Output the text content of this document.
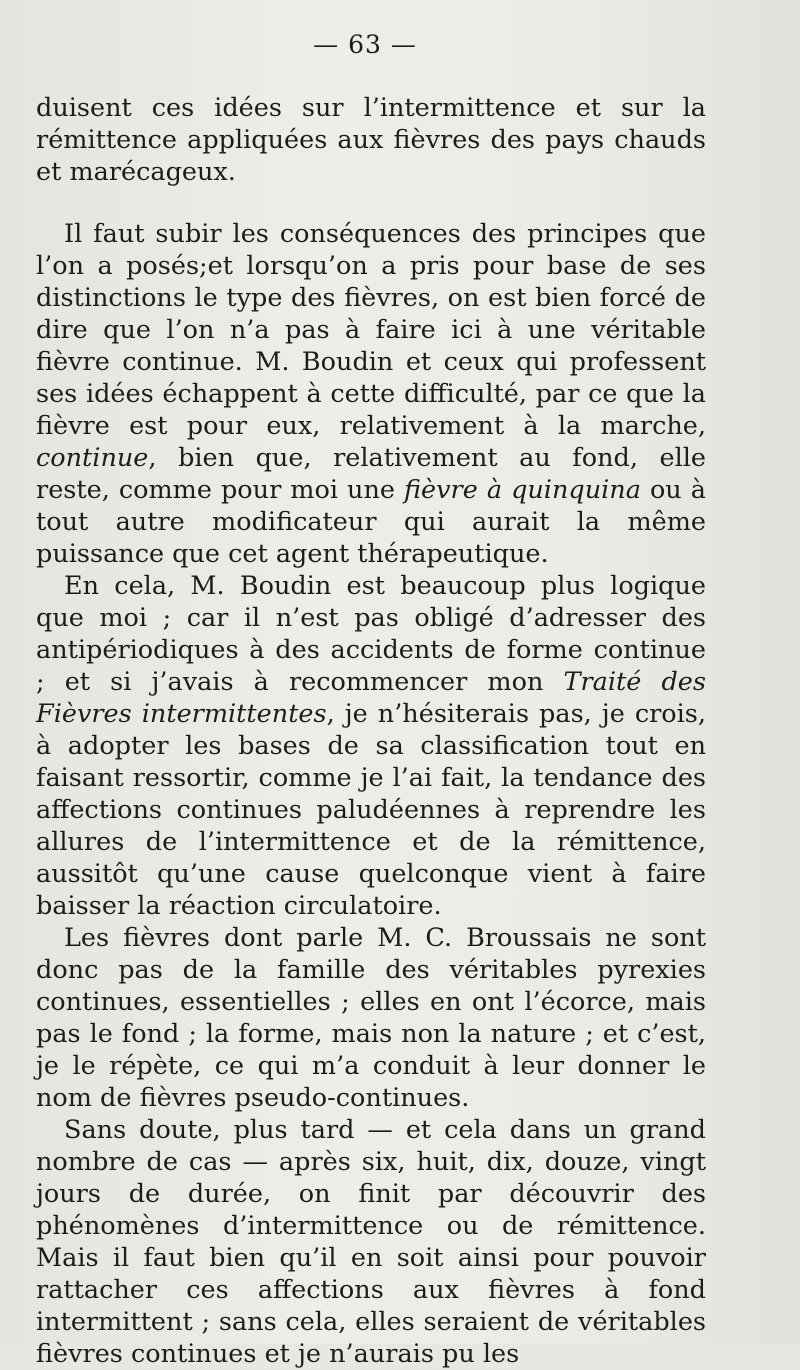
— 63 —

duisent ces idées sur l’intermittence et sur la rémittence appliquées aux fièvres des pays chauds et marécageux.

Il faut subir les conséquences des principes que l’on a posés;et lorsqu’on a pris pour base de ses distinctions le type des fièvres, on est bien forcé de dire que l’on n’a pas à faire ici à une véritable fièvre continue. M. Boudin et ceux qui professent ses idées échappent à cette difficulté, par ce que la fièvre est pour eux, relativement à la marche, continue, bien que, relativement au fond, elle reste, comme pour moi une fièvre à quinquina ou à tout autre modificateur qui aurait la même puissance que cet agent thérapeutique.

En cela, M. Boudin est beaucoup plus logique que moi ; car il n’est pas obligé d’adresser des antipériodiques à des accidents de forme continue ; et si j’avais à recommencer mon Traité des Fièvres intermittentes, je n’hésiterais pas, je crois, à adopter les bases de sa classification tout en faisant ressortir, comme je l’ai fait, la tendance des affections continues paludéennes à reprendre les allures de l’intermittence et de la rémittence, aussitôt qu’une cause quelconque vient à faire baisser la réaction circulatoire.

Les fièvres dont parle M. C. Broussais ne sont donc pas de la famille des véritables pyrexies continues, essentielles ; elles en ont l’écorce, mais pas le fond ; la forme, mais non la nature ; et c’est, je le répète, ce qui m’a conduit à leur donner le nom de fièvres pseudo-continues.

Sans doute, plus tard — et cela dans un grand nombre de cas — après six, huit, dix, douze, vingt jours de durée, on finit par découvrir des phénomènes d’intermittence ou de rémittence. Mais il faut bien qu’il en soit ainsi pour pouvoir rattacher ces affections aux fièvres à fond intermittent ; sans cela, elles seraient de véritables fièvres continues et je n’aurais pu les
